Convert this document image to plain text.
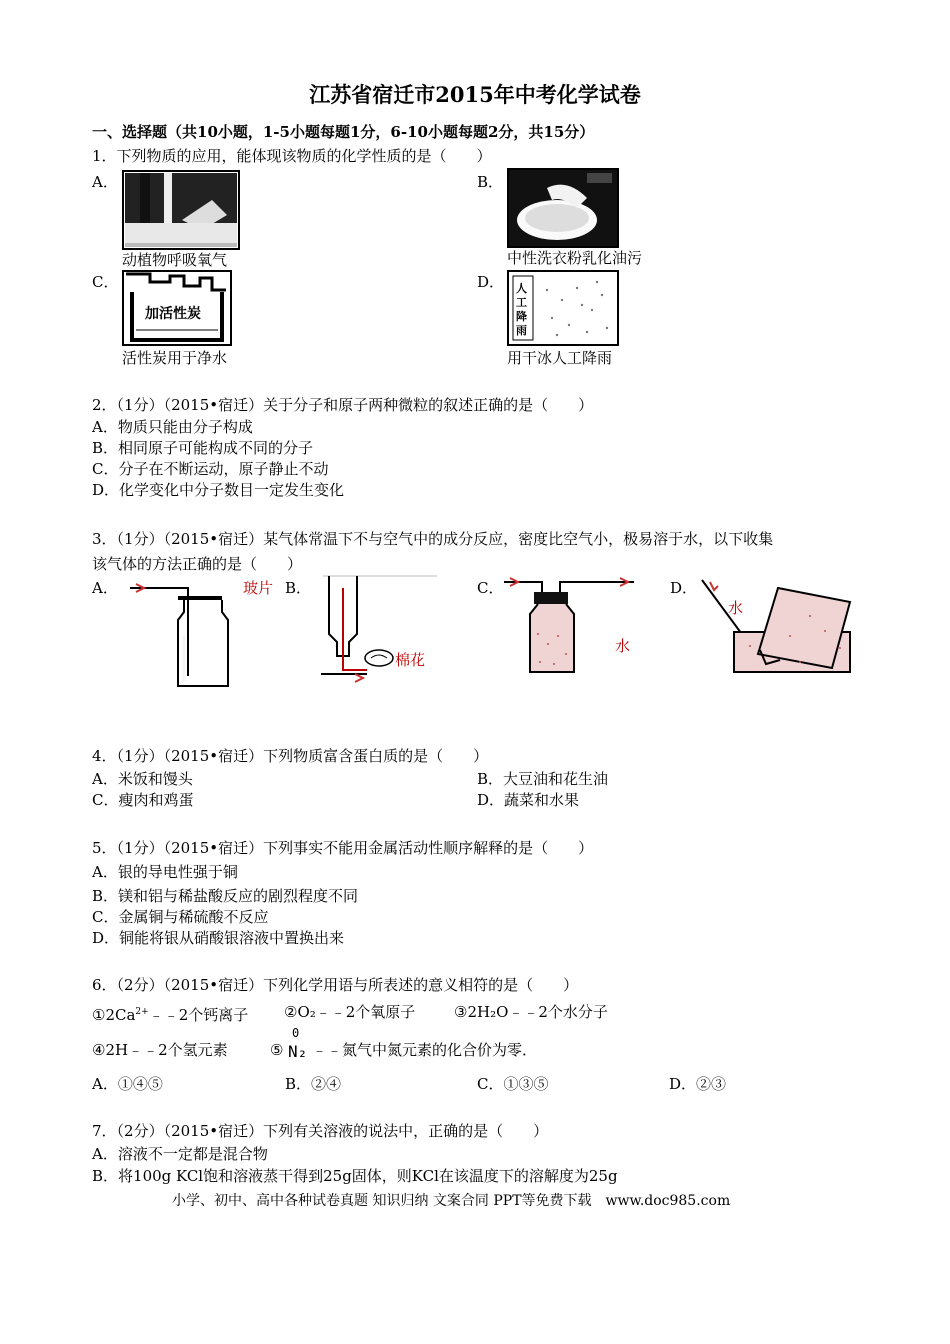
江苏省宿迁市2015年中考化学试卷
一、选择题（共10小题，1-5小题每题1分，6-10小题每题2分，共15分）
1．下列物质的应用，能体现该物质的化学性质的是（　　）
A．
动植物呼吸氧气
B．
中性洗衣粉乳化油污
C．
加活性炭
活性炭用于净水
D． 人
工
降
雨
用干冰人工降雨
2．（1分）（2015•宿迁）关于分子和原子两种微粒的叙述正确的是（　　）
A．物质只能由分子构成
B．相同原子可能构成不同的分子
C．分子在不断运动，原子静止不动
D．化学变化中分子数目一定发生变化
3．（1分）（2015•宿迁）某气体常温下不与空气中的成分反应，密度比空气小，极易溶于水，以下收集
该气体的方法正确的是（　　）
A．	玻片 B．
棉花
C．
水
D．
水
4．（1分）（2015•宿迁）下列物质富含蛋白质的是（　　）
A．米饭和馒头	B．大豆油和花生油
C．瘦肉和鸡蛋	D．蔬菜和水果
5．（1分）（2015•宿迁）下列事实不能用金属活动性顺序解释的是（　　）
A．银的导电性强于铜
B．镁和铝与稀盐酸反应的剧烈程度不同
C．金属铜与稀硫酸不反应
D．铜能将银从硝酸银溶液中置换出来
6．（2分）（2015•宿迁）下列化学用语与所表述的意义相符的是（　　）
$①2Ca^{2+}﹣﹣2$个钙离子 ②O₂﹣﹣2个氧原子	③2H₂O﹣﹣2个水分子
④2H﹣﹣2个氢元素	⑤
0
N₂ ﹣﹣氮气中氮元素的化合价为零．
A．①④⑤	B．②④	C．①③⑤	D．②③
7．（2分）（2015•宿迁）下列有关溶液的说法中，正确的是（　　）
A．溶液不一定都是混合物
B．将100g KCl饱和溶液蒸干得到25g固体，则KCl在该温度下的溶解度为25g
小学、初中、高中各种试卷真题 知识归纳 文案合同 PPT等免费下载　www.doc985.com
